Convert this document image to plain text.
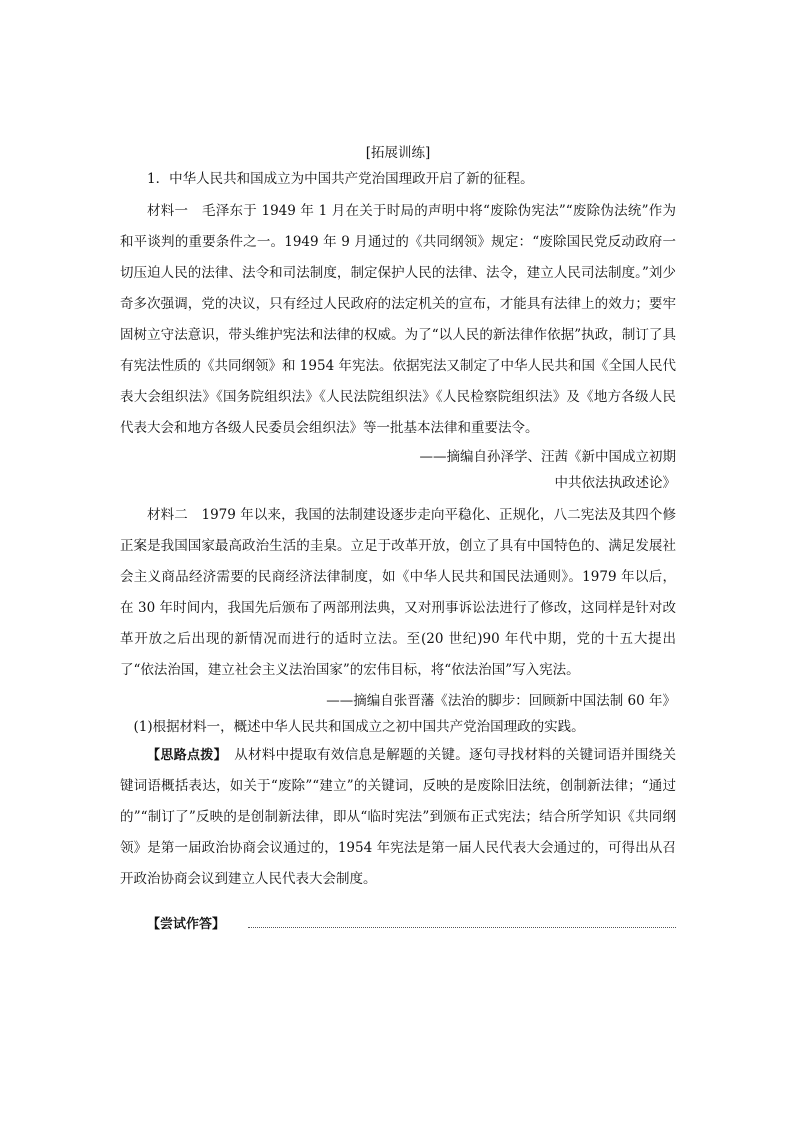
[拓展训练]

1．中华人民共和国成立为中国共产党治国理政开启了新的征程。

材料一　毛泽东于 1949 年 1 月在关于时局的声明中将“废除伪宪法”“废除伪法统”作为和平谈判的重要条件之一。1949 年 9 月通过的《共同纲领》规定：“废除国民党反动政府一切压迫人民的法律、法令和司法制度，制定保护人民的法律、法令，建立人民司法制度。”刘少奇多次强调，党的决议，只有经过人民政府的法定机关的宣布，才能具有法律上的效力；要牢固树立守法意识，带头维护宪法和法律的权威。为了“以人民的新法律作依据”执政，制订了具有宪法性质的《共同纲领》和 1954 年宪法。依据宪法又制定了中华人民共和国《全国人民代表大会组织法》《国务院组织法》《人民法院组织法》《人民检察院组织法》及《地方各级人民代表大会和地方各级人民委员会组织法》等一批基本法律和重要法令。

——摘编自孙泽学、汪茜《新中国成立初期

中共依法执政述论》

材料二　1979 年以来，我国的法制建设逐步走向平稳化、正规化，八二宪法及其四个修正案是我国国家最高政治生活的圭臬。立足于改革开放，创立了具有中国特色的、满足发展社会主义商品经济需要的民商经济法律制度，如《中华人民共和国民法通则》。1979 年以后，在 30 年时间内，我国先后颁布了两部刑法典，又对刑事诉讼法进行了修改，这同样是针对改革开放之后出现的新情况而进行的适时立法。至(20 世纪)90 年代中期，党的十五大提出了“依法治国，建立社会主义法治国家”的宏伟目标，将“依法治国”写入宪法。

——摘编自张晋藩《法治的脚步：回顾新中国法制 60 年》

(1)根据材料一，概述中华人民共和国成立之初中国共产党治国理政的实践。

【思路点拨】　从材料中提取有效信息是解题的关键。逐句寻找材料的关键词语并围绕关键词语概括表达，如关于“废除”“建立”的关键词，反映的是废除旧法统，创制新法律；“通过的”“制订了”反映的是创制新法律，即从“临时宪法”到颁布正式宪法；结合所学知识《共同纲领》是第一届政治协商会议通过的，1954 年宪法是第一届人民代表大会通过的，可得出从召开政治协商会议到建立人民代表大会制度。

【尝试作答】
